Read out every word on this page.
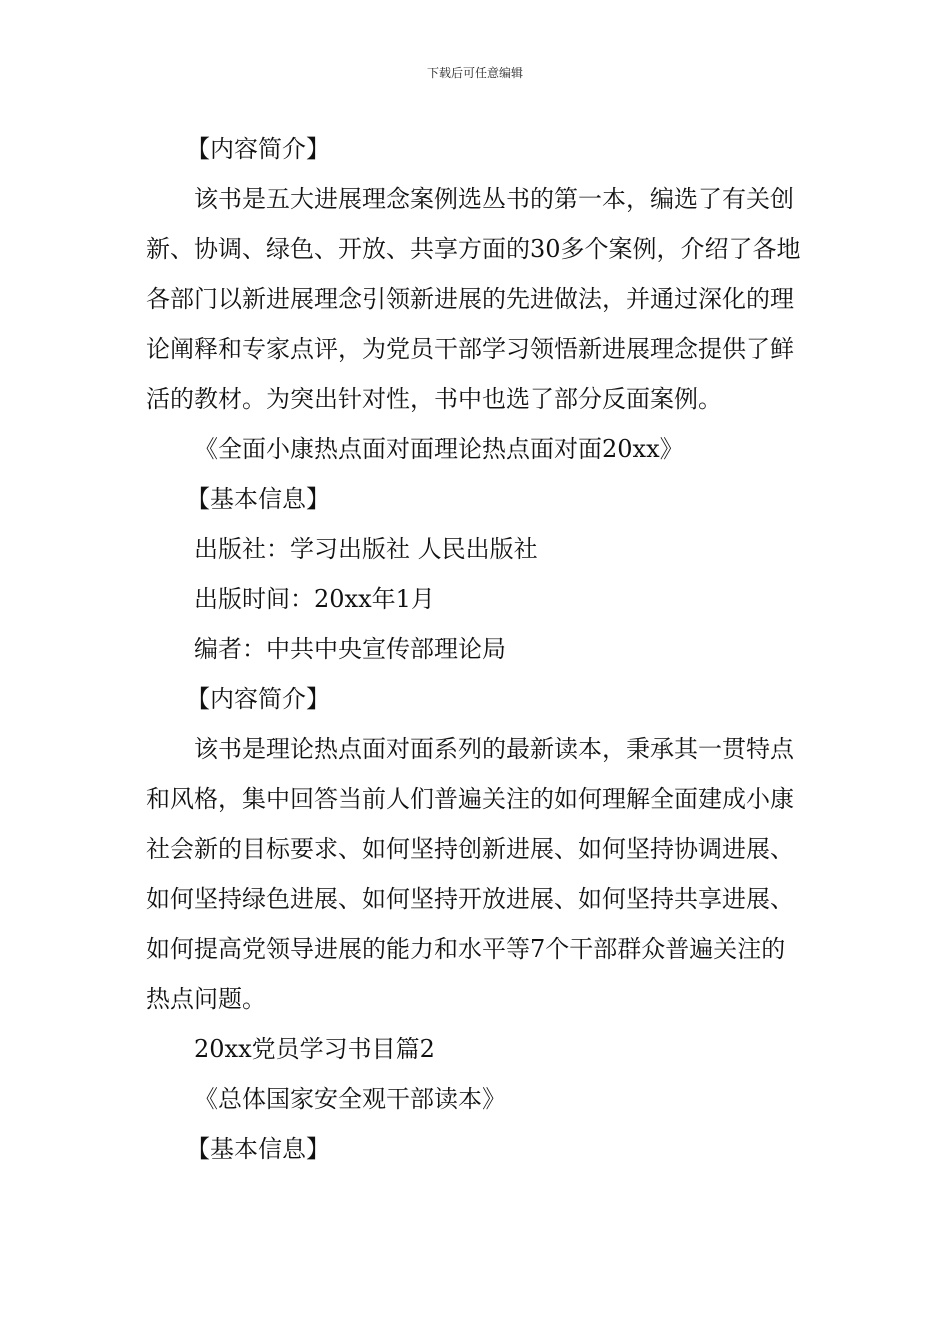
下载后可任意编辑

【内容简介】

该书是五大进展理念案例选丛书的第一本，编选了有关创新、协调、绿色、开放、共享方面的30多个案例，介绍了各地各部门以新进展理念引领新进展的先进做法，并通过深化的理论阐释和专家点评，为党员干部学习领悟新进展理念提供了鲜活的教材。为突出针对性，书中也选了部分反面案例。

《全面小康热点面对面理论热点面对面20xx》

【基本信息】

出版社：学习出版社 人民出版社

出版时间：20xx年1月

编者：中共中央宣传部理论局

【内容简介】

该书是理论热点面对面系列的最新读本，秉承其一贯特点和风格，集中回答当前人们普遍关注的如何理解全面建成小康社会新的目标要求、如何坚持创新进展、如何坚持协调进展、如何坚持绿色进展、如何坚持开放进展、如何坚持共享进展、如何提高党领导进展的能力和水平等7个干部群众普遍关注的热点问题。

20xx党员学习书目篇2

《总体国家安全观干部读本》

【基本信息】
